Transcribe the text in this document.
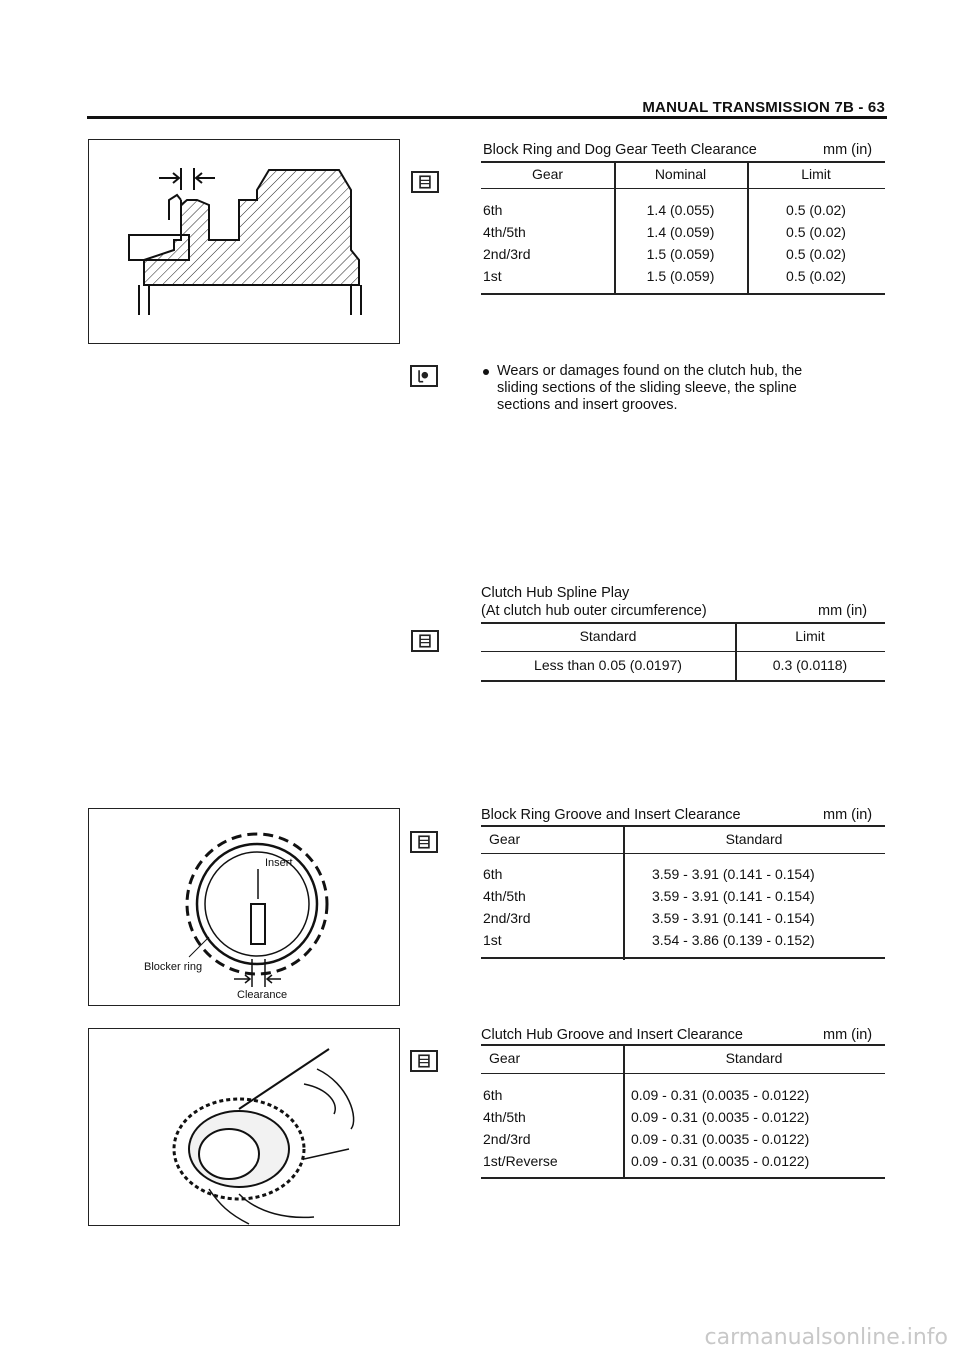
MANUAL TRANSMISSION 7B - 63
Block Ring and Dog Gear Teeth Clearance	mm (in)
Gear	Nominal	Limit
6th	1.4 (0.055)	0.5 (0.02)
4th/5th	1.4 (0.059)	0.5 (0.02)
2nd/3rd	1.5 (0.059)	0.5 (0.02)
1st	1.5 (0.059)	0.5 (0.02)
Wears or damages found on the clutch hub, the
sliding sections of the sliding sleeve, the spline
sections and insert grooves.
Clutch Hub Spline Play
(At clutch hub outer circumference)	mm (in)
Standard	Limit
Less than 0.05 (0.0197)	0.3 (0.0118)
Insert
Blocker ring
Clearance
Block Ring Groove and Insert Clearance	mm (in)
Gear	Standard
6th	3.59 - 3.91 (0.141 - 0.154)
4th/5th	3.59 - 3.91 (0.141 - 0.154)
2nd/3rd	3.59 - 3.91 (0.141 - 0.154)
1st	3.54 - 3.86 (0.139 - 0.152)
Clutch Hub Groove and Insert Clearance	mm (in)
Gear	Standard
6th	0.09 - 0.31 (0.0035 - 0.0122)
4th/5th	0.09 - 0.31 (0.0035 - 0.0122)
2nd/3rd	0.09 - 0.31 (0.0035 - 0.0122)
1st/Reverse	0.09 - 0.31 (0.0035 - 0.0122)
carmanualsonline.info
